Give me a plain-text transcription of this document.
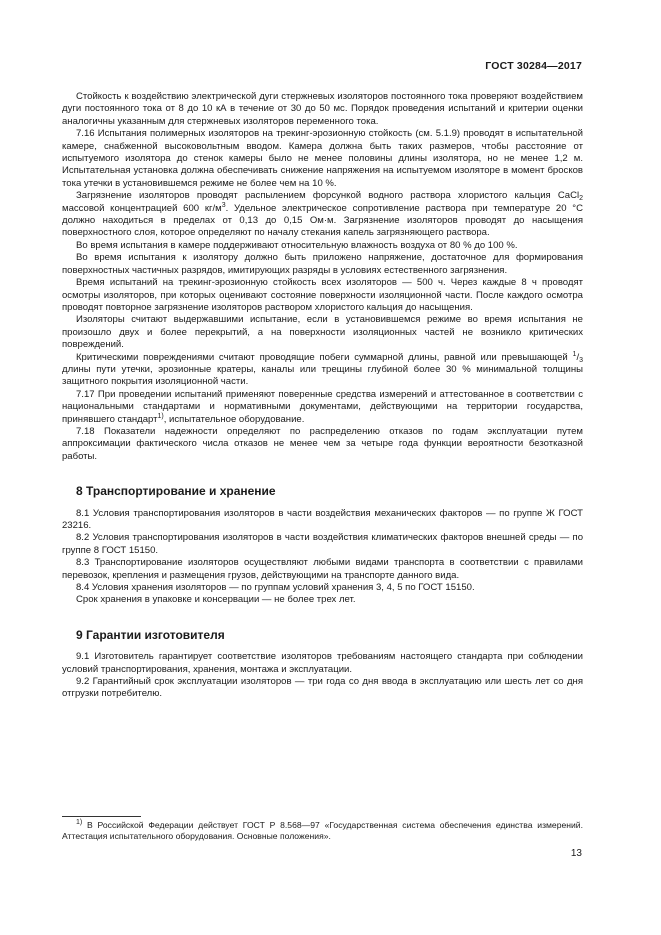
ГОСТ 30284—2017

Стойкость к воздействию электрической дуги стержневых изоляторов постоянного тока проверяют воздействием дуги постоянного тока от 8 до 10 кА в течение от 30 до 50 мс. Порядок проведения испытаний и критерии оценки аналогичны указанным для стержневых изоляторов переменного тока.

7.16 Испытания полимерных изоляторов на трекинг-эрозионную стойкость (см. 5.1.9) проводят в испытательной камере, снабженной высоковольтным вводом. Камера должна быть таких размеров, чтобы расстояние от испытуемого изолятора до стенок камеры было не менее половины длины изолятора, но не менее 1,2 м. Испытательная установка должна обеспечивать снижение напряжения на испытуемом изоляторе в момент бросков тока утечки в установившемся режиме не более чем на 10 %.

Загрязнение изоляторов проводят распылением форсункой водного раствора хлористого кальция CaCl$_2$ массовой концентрацией 600 $кг/м^3$. Удельное электрическое сопротивление раствора при температуре 20 °С должно находиться в пределах от 0,13 до 0,15 Ом·м. Загрязнение изоляторов проводят до насыщения поверхностного слоя, которое определяют по началу стекания капель загрязняющего раствора.

Во время испытания в камере поддерживают относительную влажность воздуха от 80 % до 100 %.

Во время испытания к изолятору должно быть приложено напряжение, достаточное для формирования поверхностных частичных разрядов, имитирующих разряды в условиях естественного загрязнения.

Время испытаний на трекинг-эрозионную стойкость всех изоляторов — 500 ч. Через каждые 8 ч проводят осмотры изоляторов, при которых оценивают состояние поверхности изоляционной части. После каждого осмотра проводят повторное загрязнение изоляторов раствором хлористого кальция до насыщения.

Изоляторы считают выдержавшими испытание, если в установившемся режиме во время испытания не произошло двух и более перекрытий, а на поверхности изоляционных частей не возникло критических повреждений.

Критическими повреждениями считают проводящие побеги суммарной длины, равной или превышающей $^1/_3$ длины пути утечки, эрозионные кратеры, каналы или трещины глубиной более 30 % минимальной толщины защитного покрытия изоляционной части.

7.17 При проведении испытаний применяют поверенные средства измерений и аттестованное в соответствии с национальными стандартами и нормативными документами, действующими на территории государства, принявшего стандарт$^{1)}$, испытательное оборудование.

7.18 Показатели надежности определяют по распределению отказов по годам эксплуатации путем аппроксимации фактического числа отказов не менее чем за четыре года функции вероятности безотказной работы.

8 Транспортирование и хранение

8.1 Условия транспортирования изоляторов в части воздействия механических факторов — по группе Ж ГОСТ 23216.

8.2 Условия транспортирования изоляторов в части воздействия климатических факторов внешней среды — по группе 8 ГОСТ 15150.

8.3 Транспортирование изоляторов осуществляют любыми видами транспорта в соответствии с правилами перевозок, крепления и размещения грузов, действующими на транспорте данного вида.

8.4 Условия хранения изоляторов — по группам условий хранения 3, 4, 5 по ГОСТ 15150.

Срок хранения в упаковке и консервации — не более трех лет.

9 Гарантии изготовителя

9.1 Изготовитель гарантирует соответствие изоляторов требованиям настоящего стандарта при соблюдении условий транспортирования, хранения, монтажа и эксплуатации.

9.2 Гарантийный срок эксплуатации изоляторов — три года со дня ввода в эксплуатацию или шесть лет со дня отгрузки потребителю.

$^{1)}$ В Российской Федерации действует ГОСТ Р 8.568—97 «Государственная система обеспечения единства измерений. Аттестация испытательного оборудования. Основные положения».
13
